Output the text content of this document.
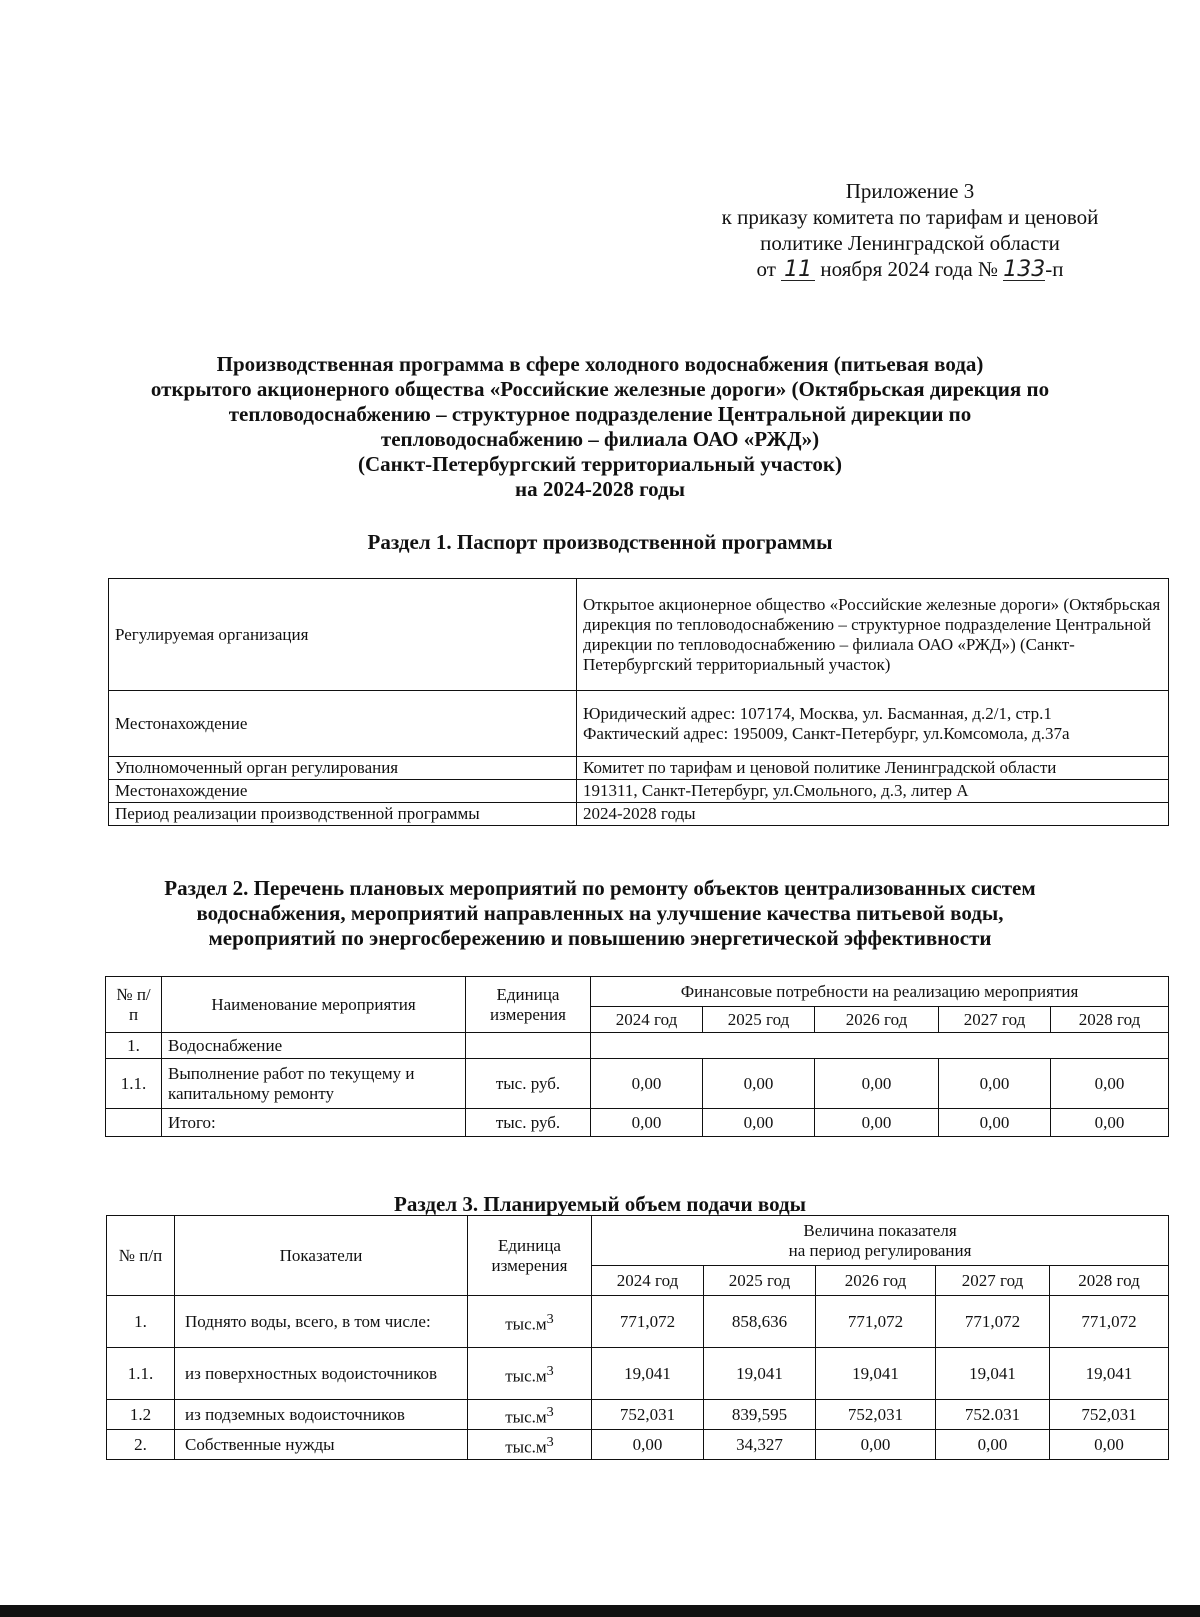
Приложение 3
к приказу комитета по тарифам и ценовой
политике Ленинградской области
от 11 ноября 2024 года № 133-п
Производственная программа в сфере холодного водоснабжения (питьевая вода)
открытого акционерного общества «Российские железные дороги» (Октябрьская дирекция по
тепловодоснабжению – структурное подразделение Центральной дирекции по
тепловодоснабжению – филиала ОАО «РЖД»)
(Санкт-Петербургский территориальный участок)
на 2024-2028 годы
Раздел 1. Паспорт производственной программы
Регулируемая организация	Открытое акционерное общество «Российские железные дороги» (Октябрьская дирекция по тепловодоснабжению – структурное подразделение Центральной дирекции по тепловодоснабжению – филиала ОАО «РЖД») (Санкт-Петербургский территориальный участок)
Местонахождение	Юридический адрес: 107174, Москва, ул. Басманная, д.2/1, стр.1
Фактический адрес: 195009, Санкт-Петербург, ул.Комсомола, д.37а

Уполномоченный орган регулирования	Комитет по тарифам и ценовой политике Ленинградской области
Местонахождение	191311, Санкт-Петербург, ул.Смольного, д.3, литер А
Период реализации производственной программы	2024-2028 годы
Раздел 2. Перечень плановых мероприятий по ремонту объектов централизованных систем
водоснабжения, мероприятий направленных на улучшение качества питьевой воды,
мероприятий по энергосбережению и повышению энергетической эффективности
№ п/п	Наименование мероприятия	Единица измерения	Финансовые потребности на реализацию мероприятия				
			2024 год	2025 год	2026 год	2027 год	2028 год
1.	Водоснабжение						
1.1.	Выполнение работ по текущему и капитальному ремонту	тыс. руб.	0,00	0,00	0,00	0,00	0,00
	Итого:	тыс. руб.	0,00	0,00	0,00	0,00	0,00
Раздел 3. Планируемый объем подачи воды
№ п/п	Показатели	Единица измерения	Величина показателя
на период регулирования				

			2024 год	2025 год	2026 год	2027 год	2028 год
1.	Поднято воды, всего, в том числе:	$тыс.м^3$	771,072	858,636	771,072	771,072	771,072
1.1.	из поверхностных водоисточников	$тыс.м^3$	19,041	19,041	19,041	19,041	19,041
1.2	из подземных водоисточников	$тыс.м^3$	752,031	839,595	752,031	752.031	752,031
2.	Собственные нужды	$тыс.м^3$	0,00	34,327	0,00	0,00	0,00
